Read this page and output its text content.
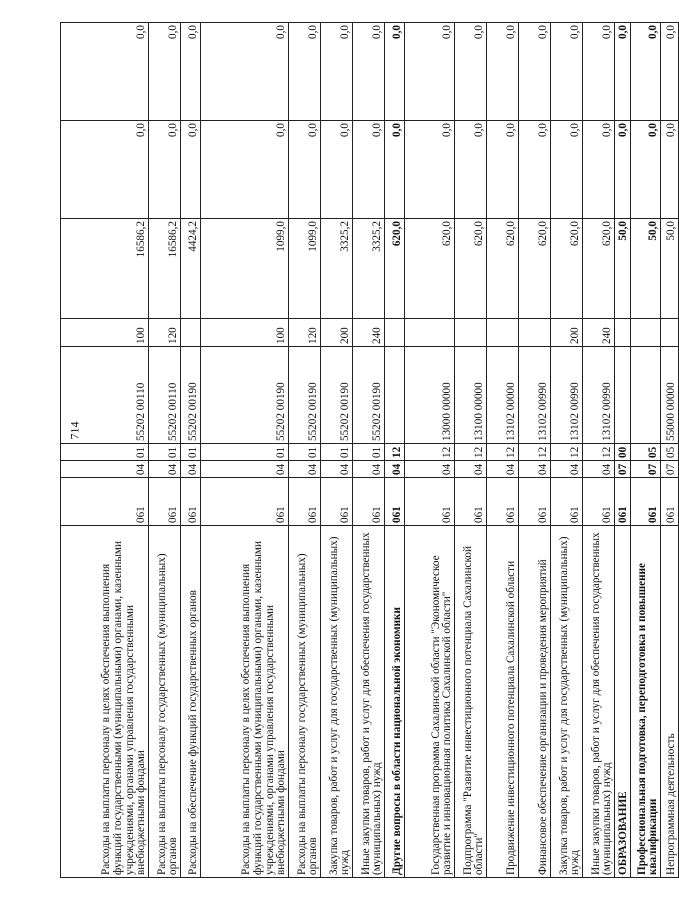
714
Расходы на выплаты персоналу в целях обеспечения выполнения функций государственными (муниципальными) органами, казенными учреждениями, органами управления государственными внебюджетными фондами	061	04	01	55202 00110	100	16586,2	0,0	0,0
Расходы на выплаты персоналу государственных (муниципальных) органов	061	04	01	55202 00110	120	16586,2	0,0	0,0
Расходы на обеспечение функций государственных органов	061	04	01	55202 00190		4424,2	0,0	0,0
Расходы на выплаты персоналу в целях обеспечения выполнения функций государственными (муниципальными) органами, казенными учреждениями, органами управления государственными внебюджетными фондами	061	04	01	55202 00190	100	1099,0	0,0	0,0
Расходы на выплаты персоналу государственных (муниципальных) органов	061	04	01	55202 00190	120	1099,0	0,0	0,0
Закупка товаров, работ и услуг для государственных (муниципальных) нужд	061	04	01	55202 00190	200	3325,2	0,0	0,0
Иные закупки товаров, работ и услуг для обеспечения государственных (муниципальных) нужд	061	04	01	55202 00190	240	3325,2	0,0	0,0
Другие вопросы в области национальной экономики	061	04	12			620,0	0,0	0,0
Государственная программа Сахалинской области "Экономическое развитие и инновационная политика Сахалинской области"	061	04	12	13000 00000		620,0	0,0	0,0
Подпрограмма "Развитие инвестиционного потенциала Сахалинской области"	061	04	12	13100 00000		620,0	0,0	0,0
Продвижение инвестиционного потенциала Сахалинской области	061	04	12	13102 00000		620,0	0,0	0,0
Финансовое обеспечение организации и проведения мероприятий	061	04	12	13102 00990		620,0	0,0	0,0
Закупка товаров, работ и услуг для государственных (муниципальных) нужд	061	04	12	13102 00990	200	620,0	0,0	0,0
Иные закупки товаров, работ и услуг для обеспечения государственных (муниципальных) нужд	061	04	12	13102 00990	240	620,0	0,0	0,0
ОБРАЗОВАНИЕ	061	07	00			50,0	0,0	0,0
Профессиональная подготовка, переподготовка и повышение квалификации	061	07	05			50,0	0,0	0,0
Непрограммная деятельность	061	07	05	55000 00000		50,0	0,0	0,0
